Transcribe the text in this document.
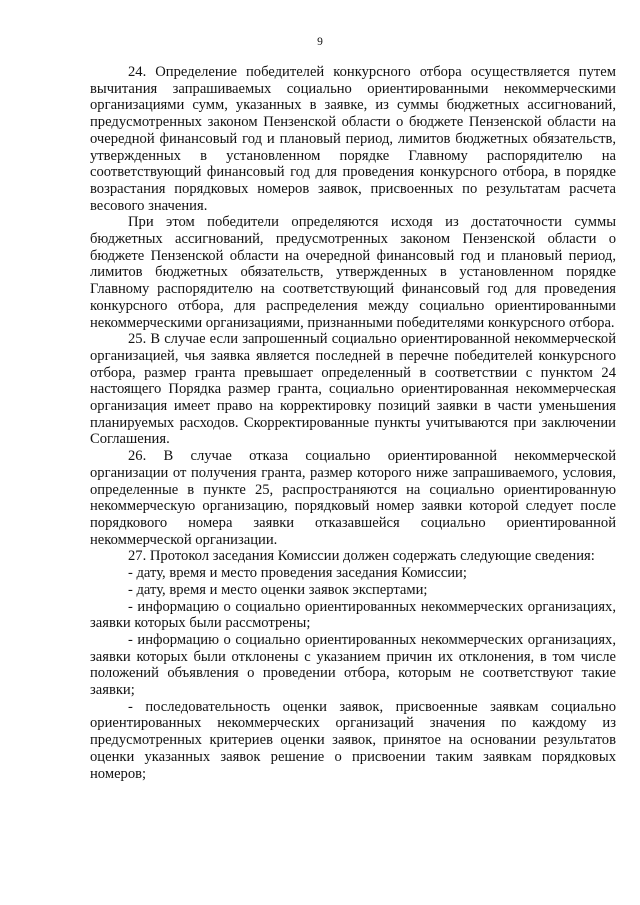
9

24. Определение победителей конкурсного отбора осуществляется путем вычитания запрашиваемых социально ориентированными некоммерческими организациями сумм, указанных в заявке, из суммы бюджетных ассигнований, предусмотренных законом Пензенской области о бюджете Пензенской области на очередной финансовый год и плановый период, лимитов бюджетных обязательств, утвержденных в установленном порядке Главному распорядителю на соответствующий финансовый год для проведения конкурсного отбора, в порядке возрастания порядковых номеров заявок, присвоенных по результатам расчета весового значения.

При этом победители определяются исходя из достаточности суммы бюджетных ассигнований, предусмотренных законом Пензенской области о бюджете Пензенской области на очередной финансовый год и плановый период, лимитов бюджетных обязательств, утвержденных в установленном порядке Главному распорядителю на соответствующий финансовый год для проведения конкурсного отбора, для распределения между социально ориентированными некоммерческими организациями, признанными победителями конкурсного отбора.

25. В случае если запрошенный социально ориентированной некоммерческой организацией, чья заявка является последней в перечне победителей конкурсного отбора, размер гранта превышает определенный в соответствии с пунктом 24 настоящего Порядка размер гранта, социально ориентированная некоммерческая организация имеет право на корректировку позиций заявки в части уменьшения планируемых расходов. Скорректированные пункты учитываются при заключении Соглашения.

26. В случае отказа социально ориентированной некоммерческой организации от получения гранта, размер которого ниже запрашиваемого, условия, определенные в пункте 25, распространяются на социально ориентированную некоммерческую организацию, порядковый номер заявки которой следует после порядкового номера заявки отказавшейся социально ориентированной некоммерческой организации.

27. Протокол заседания Комиссии должен содержать следующие сведения:

- дату, время и место проведения заседания Комиссии;

- дату, время и место оценки заявок экспертами;

- информацию о социально ориентированных некоммерческих организациях, заявки которых были рассмотрены;

- информацию о социально ориентированных некоммерческих организациях, заявки которых были отклонены с указанием причин их отклонения, в том числе положений объявления о проведении отбора, которым не соответствуют такие заявки;

- последовательность оценки заявок, присвоенные заявкам социально ориентированных некоммерческих организаций значения по каждому из предусмотренных критериев оценки заявок, принятое на основании результатов оценки указанных заявок решение о присвоении таким заявкам порядковых номеров;
